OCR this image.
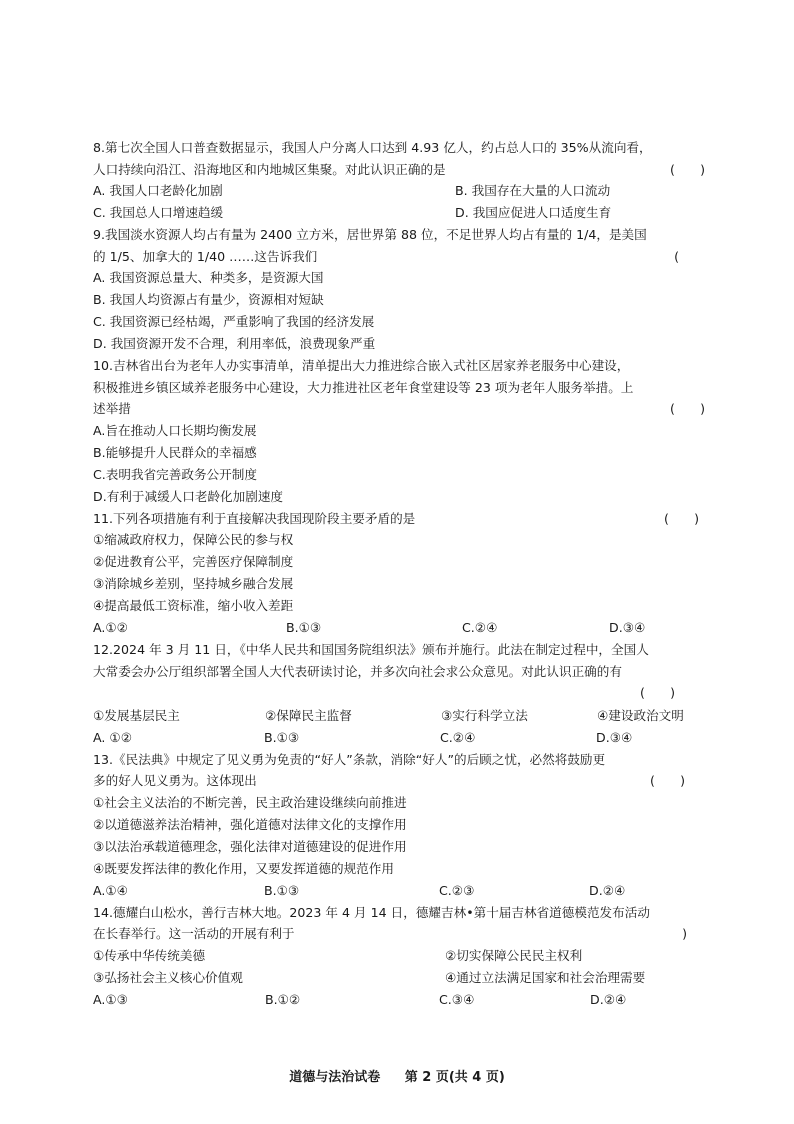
8.第七次全国人口普查数据显示，我国人户分离人口达到 4.93 亿人，约占总人口的 35%从流向看，
人口持续向沿江、沿海地区和内地城区集聚。对此认识正确的是	(　　)
A. 我国人口老龄化加剧	B. 我国存在大量的人口流动
C. 我国总人口增速趋缓	D. 我国应促进人口适度生育
9.我国淡水资源人均占有量为 2400 立方米，居世界第 88 位，不足世界人均占有量的 1/4，是美国
的 1/5、加拿大的 1/40 ……这告诉我们	(
A. 我国资源总量大、种类多，是资源大国
B. 我国人均资源占有量少，资源相对短缺
C. 我国资源已经枯竭，严重影响了我国的经济发展
D. 我国资源开发不合理，利用率低，浪费现象严重
10.吉林省出台为老年人办实事清单，清单提出大力推进综合嵌入式社区居家养老服务中心建设，
积极推进乡镇区域养老服务中心建设，大力推进社区老年食堂建设等 23 项为老年人服务举措。上
述举措	(　　)
A.旨在推动人口长期均衡发展
B.能够提升人民群众的幸福感
C.表明我省完善政务公开制度
D.有利于减缓人口老龄化加剧速度
11.下列各项措施有利于直接解决我国现阶段主要矛盾的是	(　　)
①缩减政府权力，保障公民的参与权
②促进教育公平，完善医疗保障制度
③消除城乡差别，坚持城乡融合发展
④提高最低工资标准，缩小收入差距
A.①②	B.①③	C.②④	D.③④
12.2024 年 3 月 11 日，《中华人民共和国国务院组织法》颁布并施行。此法在制定过程中，全国人
大常委会办公厅组织部署全国人大代表研读讨论，并多次向社会求公众意见。对此认识正确的有
(　　)
①发展基层民主	②保障民主监督	③实行科学立法	④建设政治文明
A. ①②	B.①③	C.②④	D.③④
13.《民法典》中规定了见义勇为免责的“好人”条款，消除“好人”的后顾之忧，必然将鼓励更
多的好人见义勇为。这体现出	(　　)
①社会主义法治的不断完善，民主政治建设继续向前推进
②以道德滋养法治精神，强化道德对法律文化的支撑作用
③以法治承载道德理念，强化法律对道德建设的促进作用
④既要发挥法律的教化作用，又要发挥道德的规范作用
A.①④	B.①③	C.②③	D.②④
14.德耀白山松水，善行吉林大地。2023 年 4 月 14 日，德耀吉林•第十届吉林省道德模范发布活动
在长春举行。这一活动的开展有利于	)
①传承中华传统美德	②切实保障公民民主权利
③弘扬社会主义核心价值观	④通过立法满足国家和社会治理需要
A.①③	B.①②	C.③④	D.②④
道德与法治试卷 第 2 页(共 4 页)
